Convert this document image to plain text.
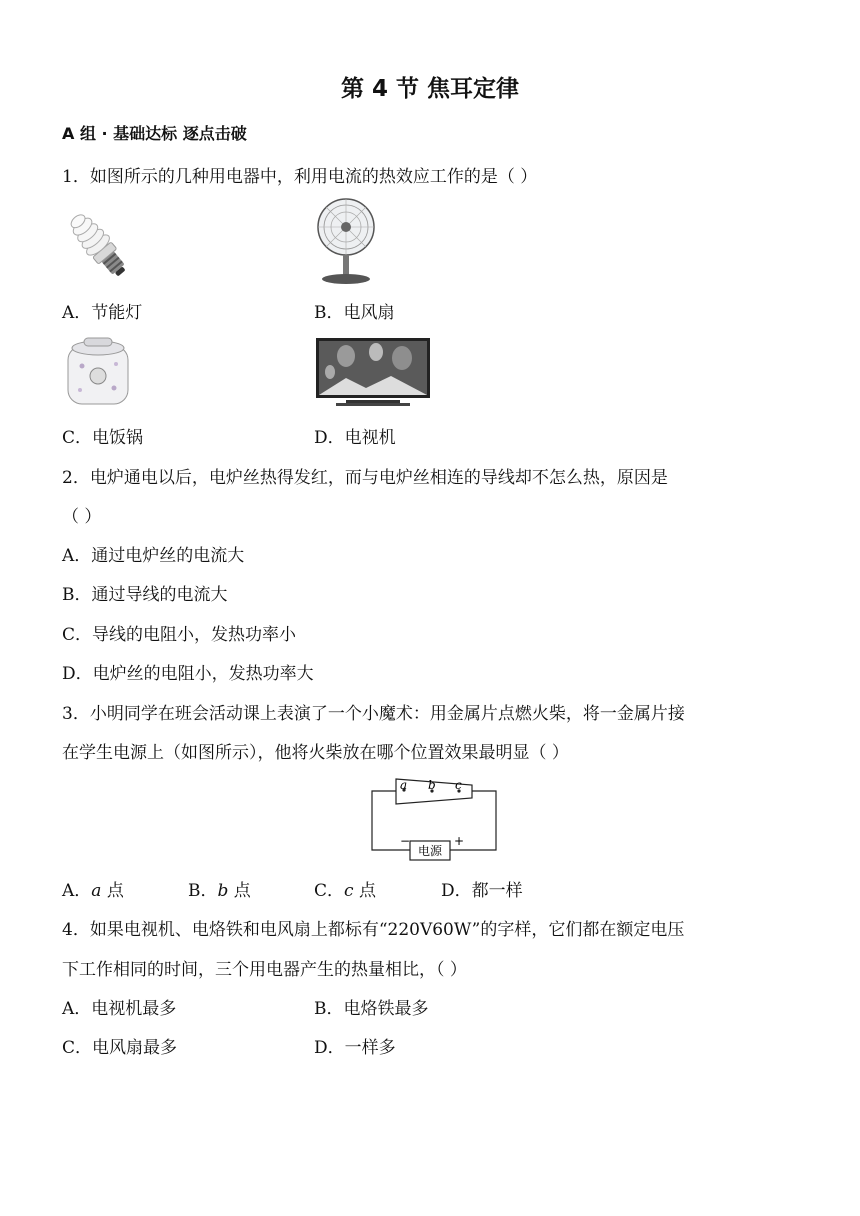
第 4 节 焦耳定律
A 组 · 基础达标 逐点击破
1．如图所示的几种用电器中，利用电流的热效应工作的是（ ）
A．节能灯	B．电风扇
C．电饭锅	D．电视机
2．电炉通电以后，电炉丝热得发红，而与电炉丝相连的导线却不怎么热，原因是
（ ）
A．通过电炉丝的电流大
B．通过导线的电流大
C．导线的电阻小，发热功率小
D．电炉丝的电阻小，发热功率大
3．小明同学在班会活动课上表演了一个小魔术：用金属片点燃火柴，将一金属片接
在学生电源上（如图所示），他将火柴放在哪个位置效果最明显（ ）
a b c
−	+
电源
A．a 点	B．b 点	C．c 点	D．都一样
4．如果电视机、电烙铁和电风扇上都标有“220V60W”的字样，它们都在额定电压
下工作相同的时间，三个用电器产生的热量相比，（ ）
A．电视机最多	B．电烙铁最多
C．电风扇最多	D．一样多
